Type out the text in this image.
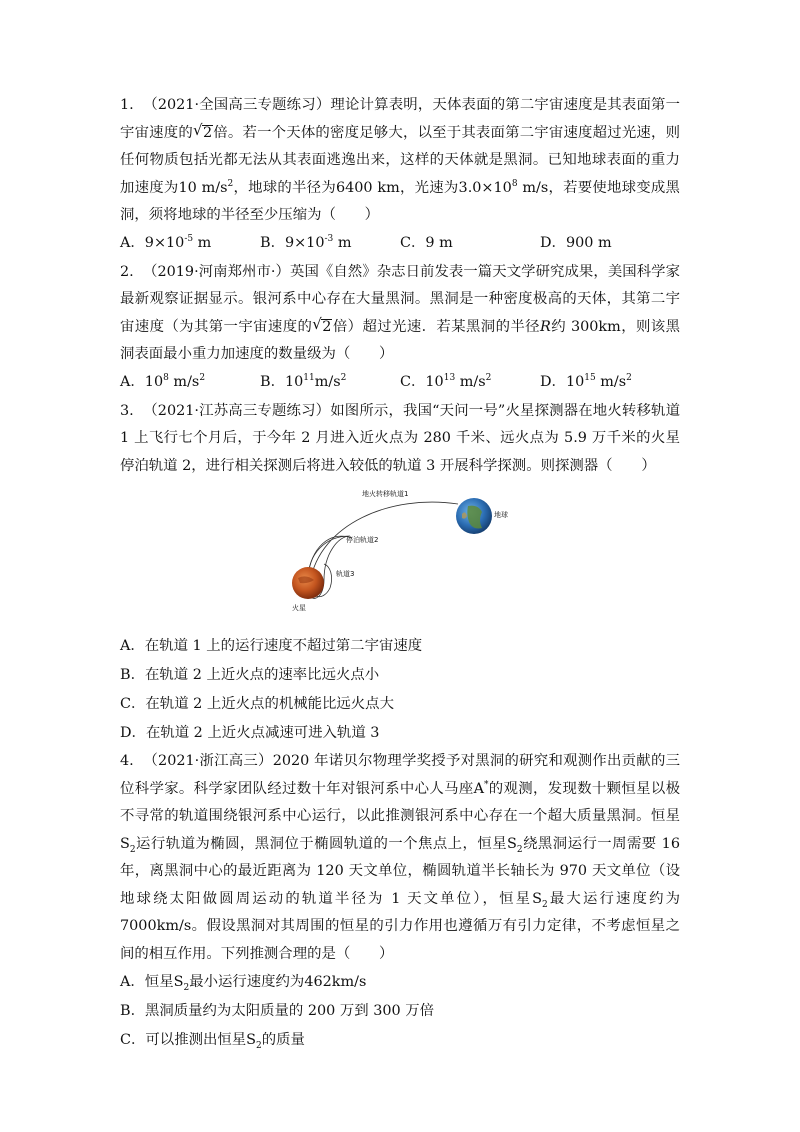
1. （2021·全国高三专题练习）理论计算表明，天体表面的第二宇宙速度是其表面第一宇宙速度的 √ 2倍。若一个天体的密度足够大，以至于其表面第二宇宙速度超过光速，则任何物质包括光都无法从其表面逃逸出来，这样的天体就是黑洞。已知地球表面的重力加速度为10 $m/s^2$，地球的半径为6400 km，光速为$3.0\times 10^8$ m/s，若要使地球变成黑洞，须将地球的半径至少压缩为（　　）

A．$9\times 10^{-5}$ m	B．$9\times 10^{-3}$ m	C．9 m	D．900 m

2. （2019·河南郑州市·）英国《自然》杂志日前发表一篇天文学研究成果，美国科学家最新观察证据显示。银河系中心存在大量黑洞。黑洞是一种密度极高的天体，其第二宇宙速度（为其第一宇宙速度的 √ 2倍）超过光速．若某黑洞的半径R约 300km，则该黑洞表面最小重力加速度的数量级为（　　）

A．$10^8$ $m/s^2$	B．$10^{11}m/s^2$	C．$10^{13}$ $m/s^2$	D．$10^{15}$ $m/s^2$

3. （2021·江苏高三专题练习）如图所示，我国“天问一号”火星探测器在地火转移轨道 1 上飞行七个月后，于今年 2 月进入近火点为 280 千米、远火点为 5.9 万千米的火星停泊轨道 2，进行相关探测后将进入较低的轨道 3 开展科学探测。则探测器（　　）

地火转移轨道1
停泊轨道2
轨道3
火星
地球

A．在轨道 1 上的运行速度不超过第二宇宙速度

B．在轨道 2 上近火点的速率比远火点小

C．在轨道 2 上近火点的机械能比远火点大

D．在轨道 2 上近火点减速可进入轨道 3

4. （2021·浙江高三）2020 年诺贝尔物理学奖授予对黑洞的研究和观测作出贡献的三位科学家。科学家团队经过数十年对银河系中心人马座A*的观测，发现数十颗恒星以极不寻常的轨道围绕银河系中心运行，以此推测银河系中心存在一个超大质量黑洞。恒星$S_2$运行轨道为椭圆，黑洞位于椭圆轨道的一个焦点上，恒星$S_2$绕黑洞运行一周需要 16 年，离黑洞中心的最近距离为 120 天文单位，椭圆轨道半长轴长为 970 天文单位（设地球绕太阳做圆周运动的轨道半径为 1 天文单位），恒星$S_2$最大运行速度约为7000km/s。假设黑洞对其周围的恒星的引力作用也遵循万有引力定律，不考虑恒星之间的相互作用。下列推测合理的是（　　）

A．恒星$S_2$最小运行速度约为462km/s

B．黑洞质量约为太阳质量的 200 万到 300 万倍

C．可以推测出恒星$S_2$的质量
